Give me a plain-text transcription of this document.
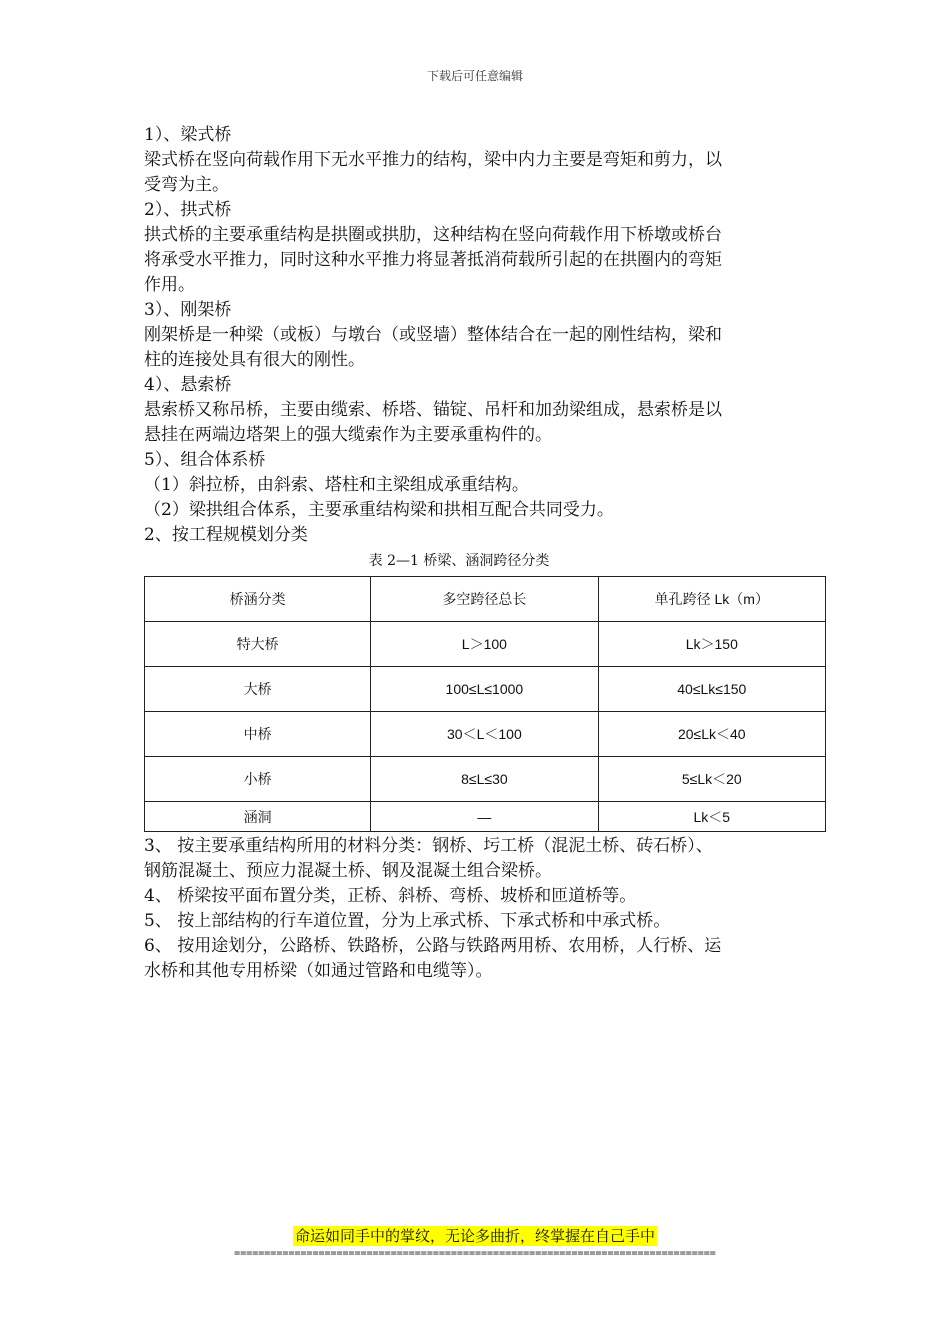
下载后可任意编辑
1）、梁式桥
梁式桥在竖向荷载作用下无水平推力的结构，梁中内力主要是弯矩和剪力，以
受弯为主。
2）、拱式桥
拱式桥的主要承重结构是拱圈或拱肋，这种结构在竖向荷载作用下桥墩或桥台
将承受水平推力，同时这种水平推力将显著抵消荷载所引起的在拱圈内的弯矩
作用。
3）、刚架桥
刚架桥是一种梁（或板）与墩台（或竖墙）整体结合在一起的刚性结构，梁和
柱的连接处具有很大的刚性。
4）、悬索桥
悬索桥又称吊桥，主要由缆索、桥塔、锚锭、吊杆和加劲梁组成，悬索桥是以
悬挂在两端边塔架上的强大缆索作为主要承重构件的。
5）、组合体系桥
（1）斜拉桥，由斜索、塔柱和主梁组成承重结构。
（2）梁拱组合体系，主要承重结构梁和拱相互配合共同受力。
2、按工程规模划分类
表 2—1 桥梁、涵洞跨径分类
桥涵分类	多空跨径总长	单孔跨径 Lk（m）
特大桥	L＞100	Lk＞150
大桥	100≤L≤1000	40≤Lk≤150
中桥	30＜L＜100	20≤Lk＜40
小桥	8≤L≤30	5≤Lk＜20
涵洞	—	Lk＜5
3、 按主要承重结构所用的材料分类：钢桥、圬工桥（混泥土桥、砖石桥）、
钢筋混凝土、预应力混凝土桥、钢及混凝土组合梁桥。
4、 桥梁按平面布置分类，正桥、斜桥、弯桥、坡桥和匝道桥等。
5、 按上部结构的行车道位置，分为上承式桥、下承式桥和中承式桥。
6、 按用途划分，公路桥、铁路桥，公路与铁路两用桥、农用桥，人行桥、运
水桥和其他专用桥梁（如通过管路和电缆等）。
命运如同手中的掌纹，无论多曲折，终掌握在自己手中
================================================================================
